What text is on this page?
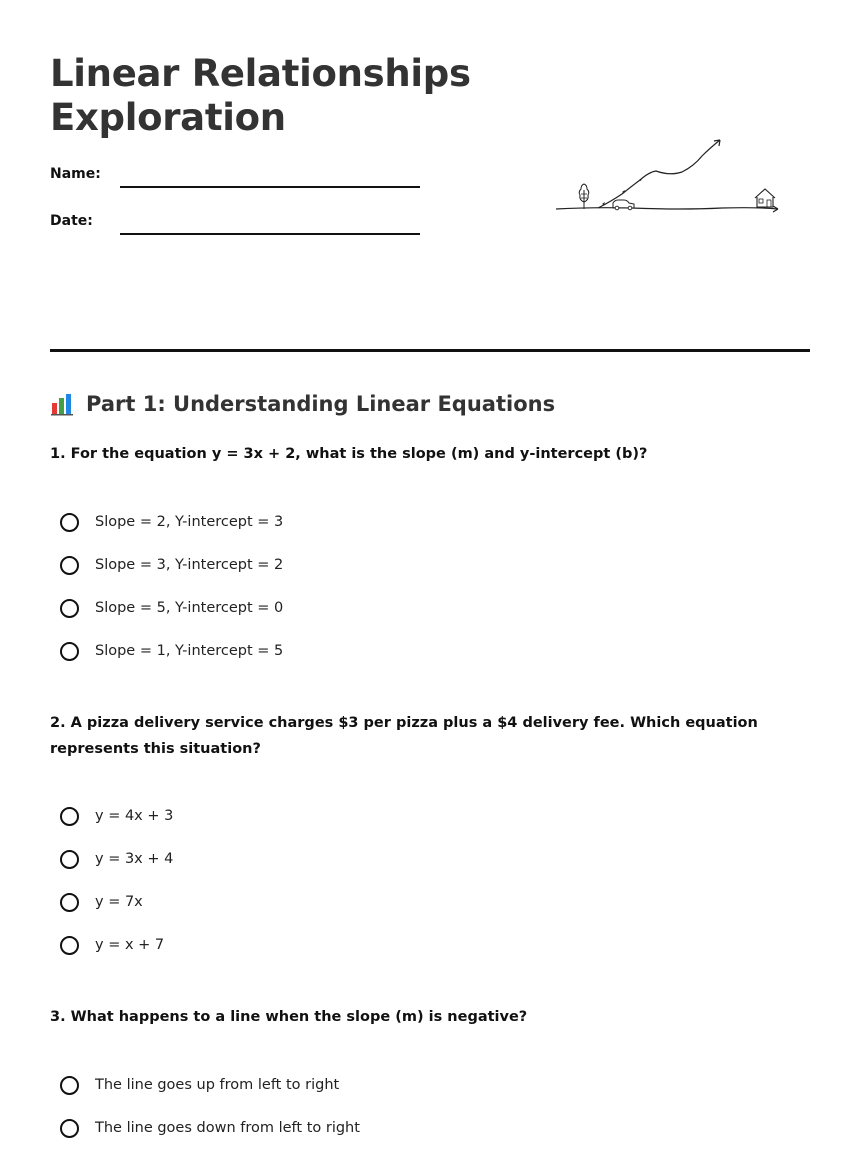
Linear Relationships Exploration
Name:
Date:
Part 1: Understanding Linear Equations

1. For the equation y = 3x + 2, what is the slope (m) and y-intercept (b)?

Slope = 2, Y-intercept = 3
Slope = 3, Y-intercept = 2
Slope = 5, Y-intercept = 0
Slope = 1, Y-intercept = 5

2. A pizza delivery service charges $3 per pizza plus a $4 delivery fee. Which equation represents this situation?

y = 4x + 3
y = 3x + 4
y = 7x
y = x + 7

3. What happens to a line when the slope (m) is negative?

The line goes up from left to right
The line goes down from left to right
